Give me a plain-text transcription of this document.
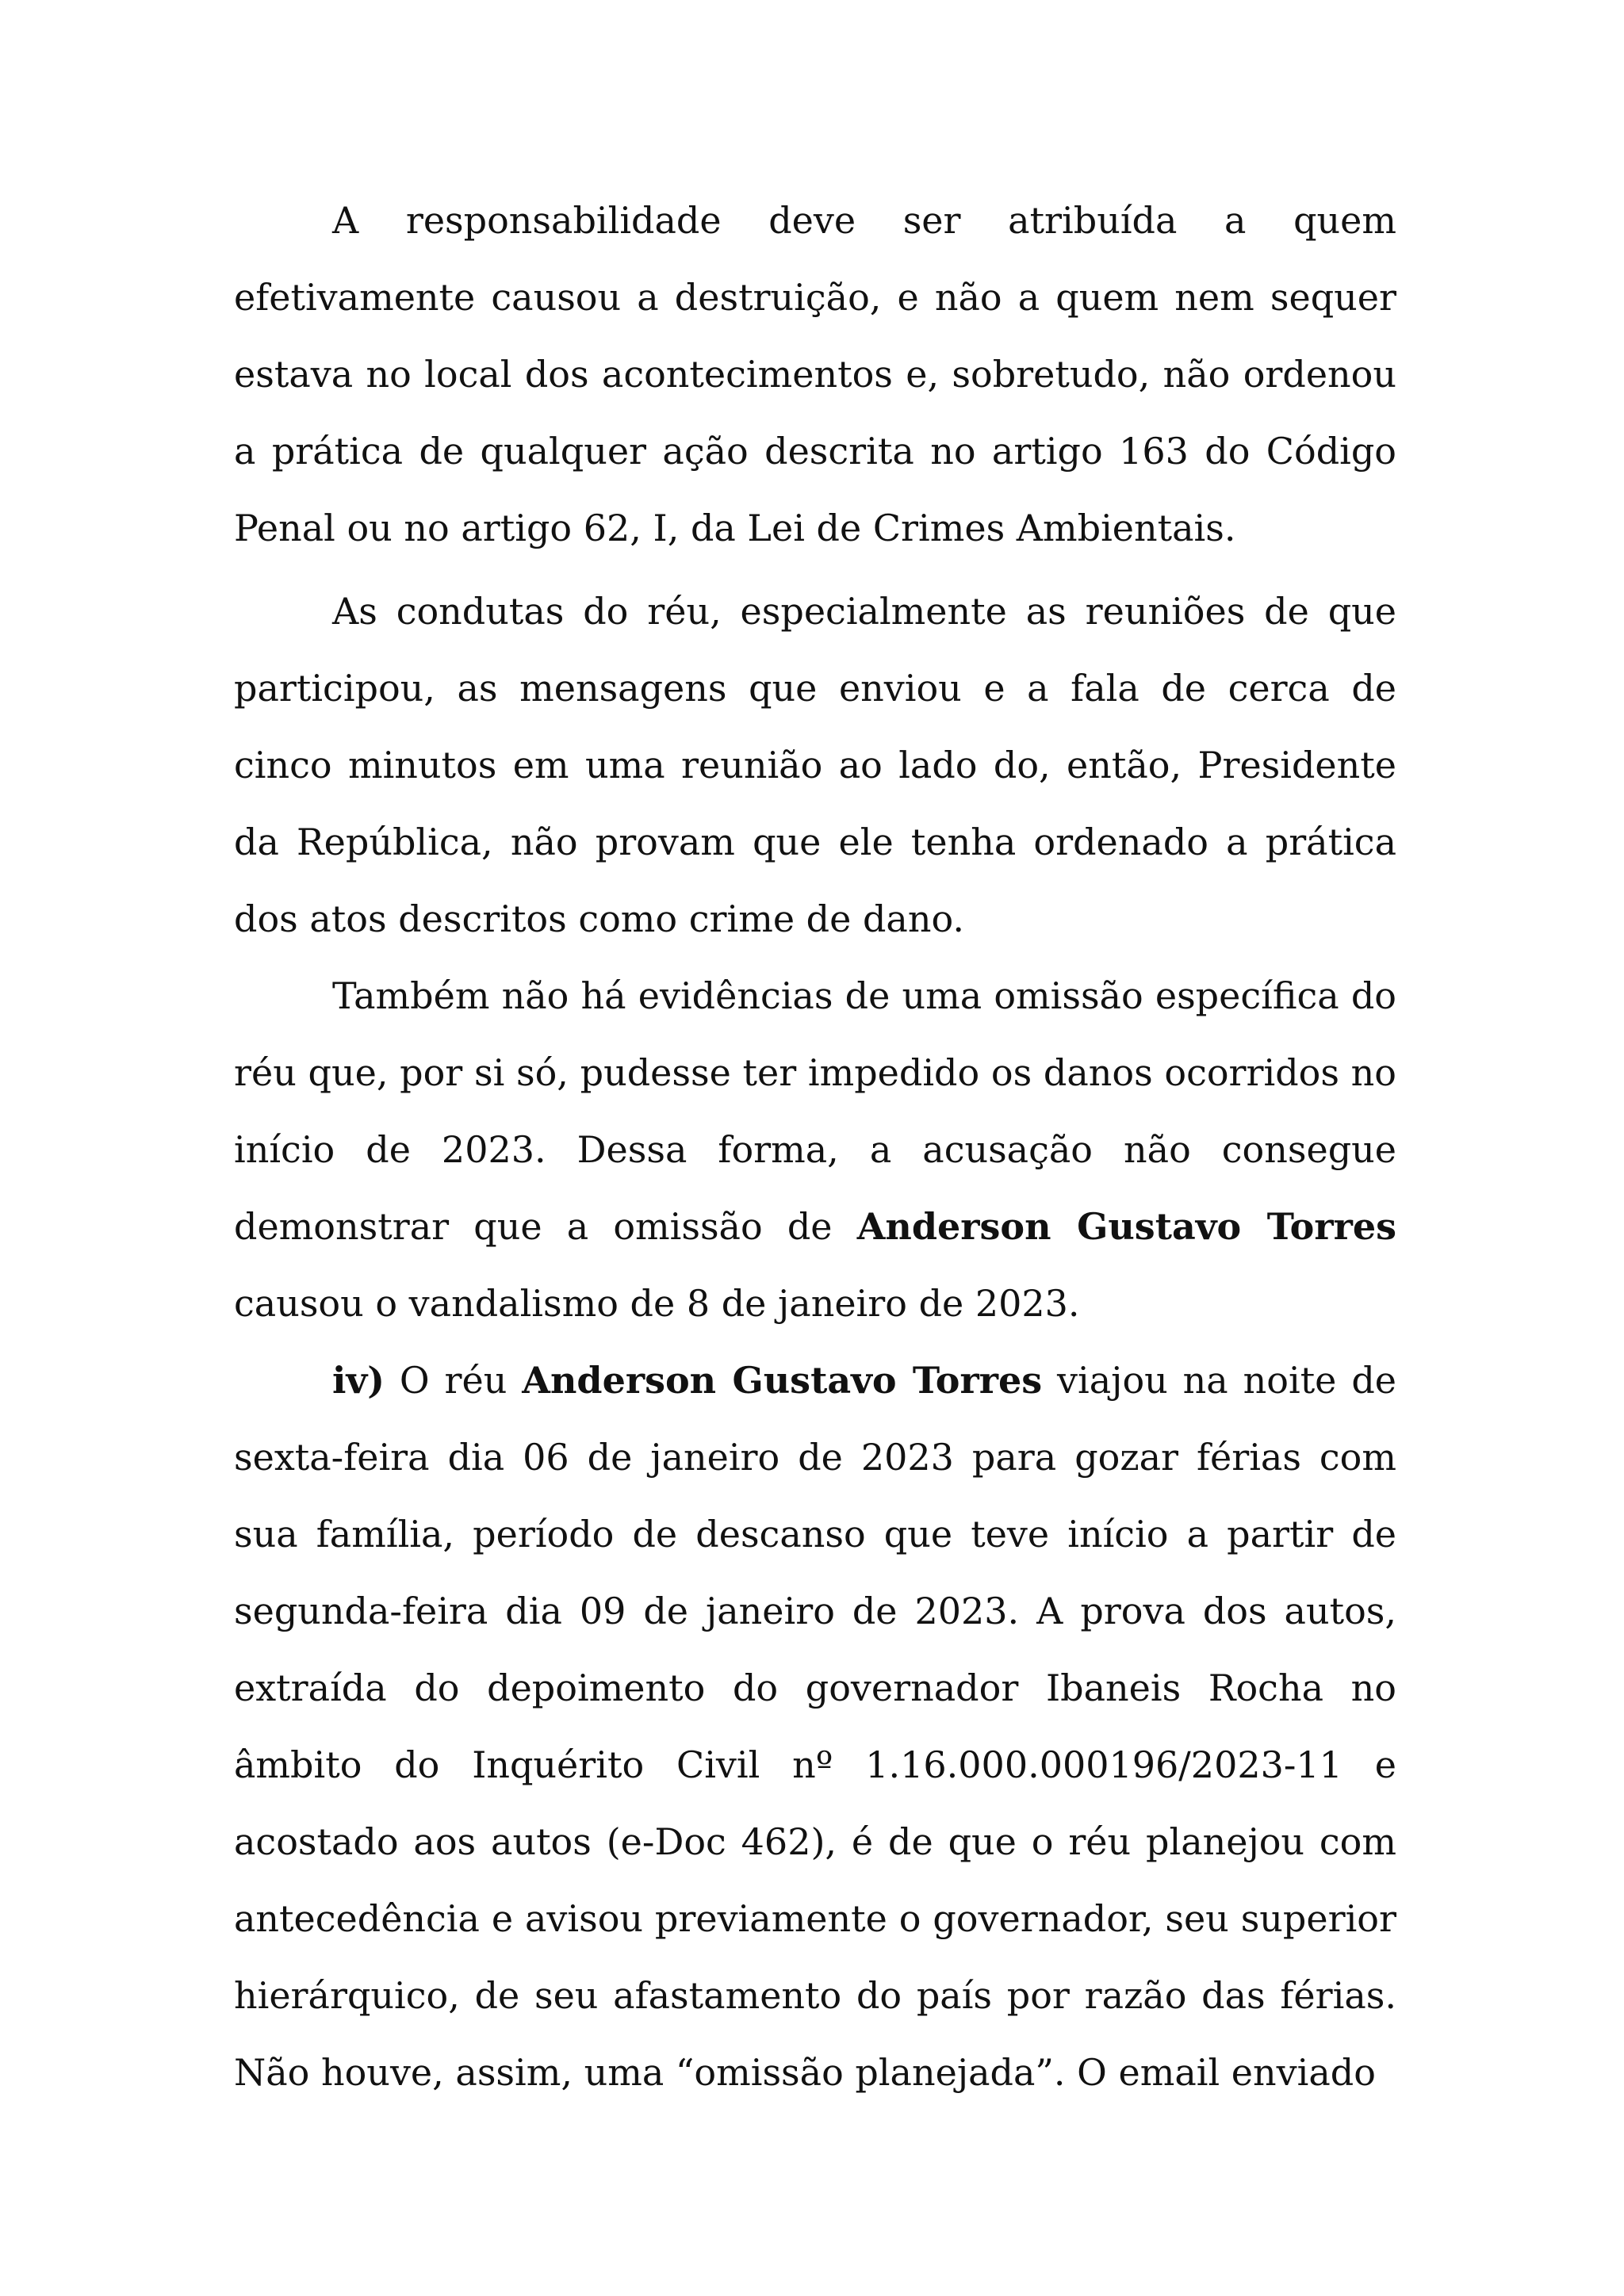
A responsabilidade deve ser atribuída a quem efetivamente causou a destruição, e não a quem nem sequer estava no local dos acontecimentos e, sobretudo, não ordenou a prática de qualquer ação descrita no artigo 163 do Código Penal ou no artigo 62, I, da Lei de Crimes Ambientais.

As condutas do réu, especialmente as reuniões de que participou, as mensagens que enviou e a fala de cerca de cinco minutos em uma reunião ao lado do, então, Presidente da República, não provam que ele tenha ordenado a prática dos atos descritos como crime de dano.

Também não há evidências de uma omissão específica do réu que, por si só, pudesse ter impedido os danos ocorridos no início de 2023. Dessa forma, a acusação não consegue demonstrar que a omissão de Anderson Gustavo Torres causou o vandalismo de 8 de janeiro de 2023.

iv) O réu Anderson Gustavo Torres viajou na noite de sexta-feira dia 06 de janeiro de 2023 para gozar férias com sua família, período de descanso que teve início a partir de segunda-feira dia 09 de janeiro de 2023. A prova dos autos, extraída do depoimento do governador Ibaneis Rocha no âmbito do Inquérito Civil nº 1.16.000.000196/2023-11 e acostado aos autos (e-Doc 462), é de que o réu planejou com antecedência e avisou previamente o governador, seu superior hierárquico, de seu afastamento do país por razão das férias. Não houve, assim, uma “omissão planejada”. O email enviado
